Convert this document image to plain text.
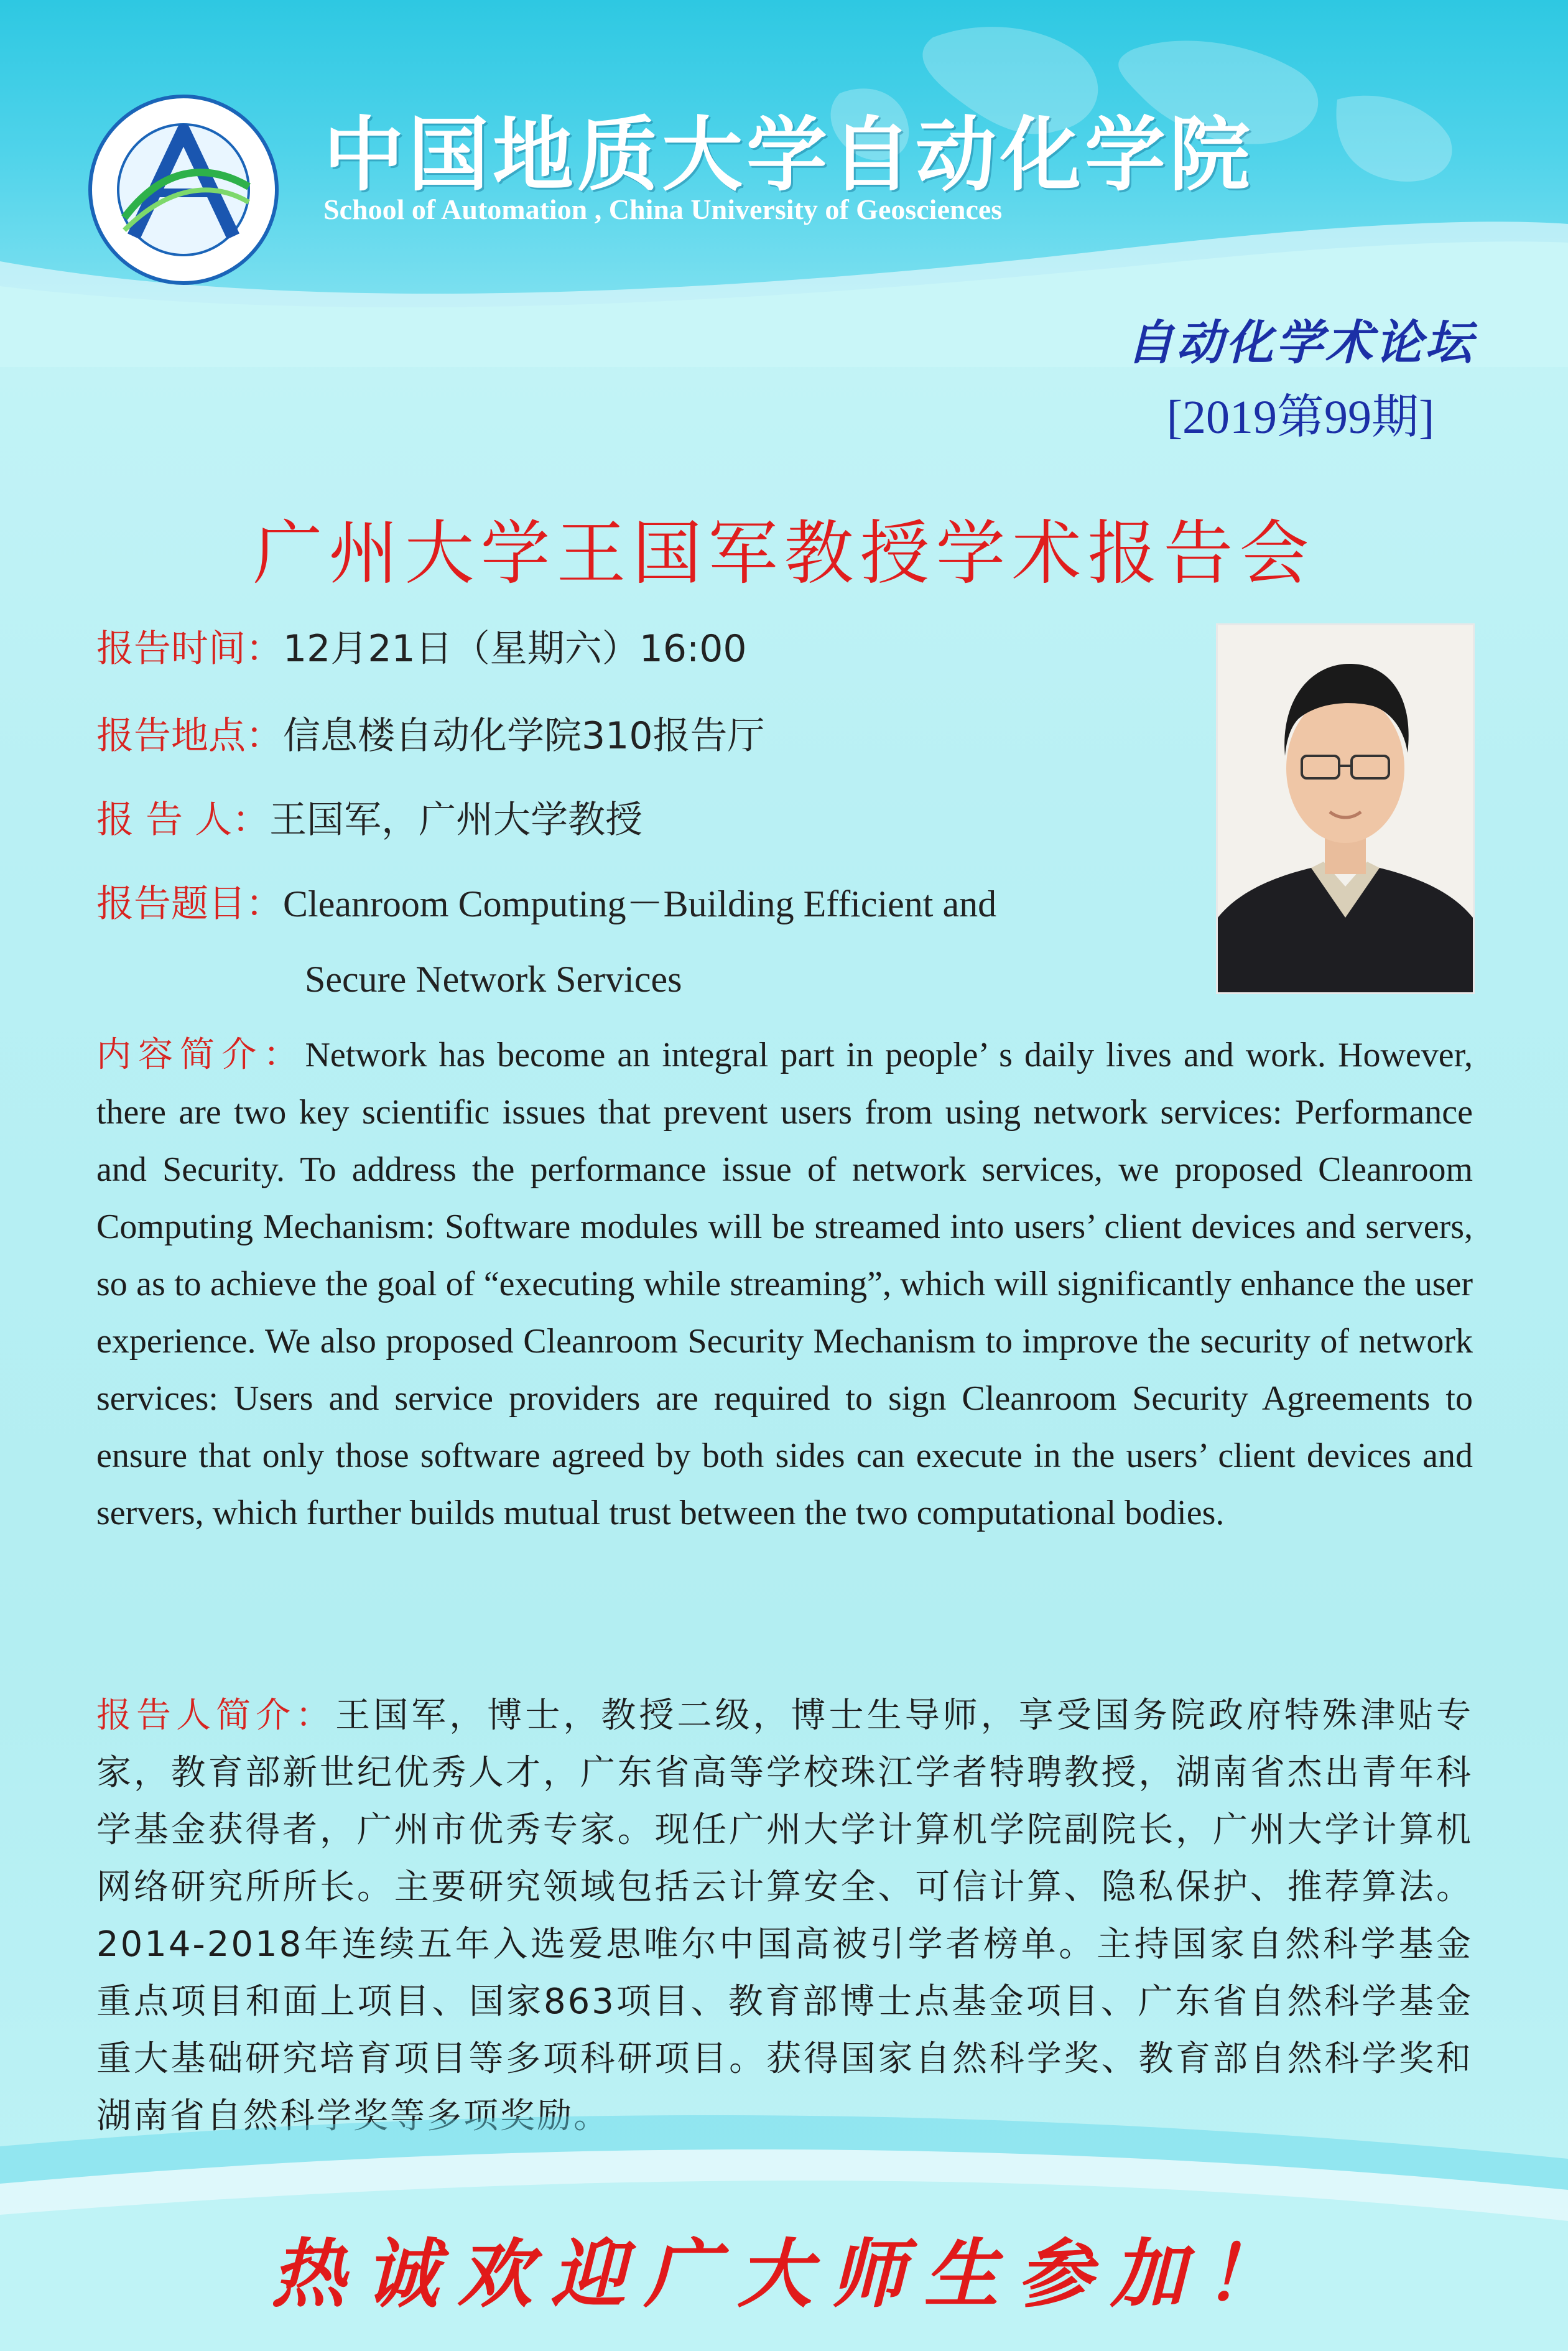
中国地质大学自动化学院
School of Automation , China University of Geosciences
自动化学术论坛
[2019第99期]
广州大学王国军教授学术报告会
报告时间：12月21日（星期六）16:00
报告地点：信息楼自动化学院310报告厅
报 告 人：王国军，广州大学教授
报告题目：Cleanroom Computing－Building Efficient and
Secure Network Services
内容简介：Network has become an integral part in people’ s daily lives and work. However, there are two key scientific issues that prevent users from using network services: Performance and Security. To address the performance issue of network services, we proposed Cleanroom Computing Mechanism: Software modules will be streamed into users’ client devices and servers, so as to achieve the goal of “executing while streaming”, which will significantly enhance the user experience. We also proposed Cleanroom Security Mechanism to improve the security of network services: Users and service providers are required to sign Cleanroom Security Agreements to ensure that only those software agreed by both sides can execute in the users’ client devices and servers, which further builds mutual trust between the two computational bodies.
报告人简介：王国军，博士，教授二级，博士生导师，享受国务院政府特殊津贴专家，教育部新世纪优秀人才，广东省高等学校珠江学者特聘教授，湖南省杰出青年科学基金获得者，广州市优秀专家。现任广州大学计算机学院副院长，广州大学计算机网络研究所所长。主要研究领域包括云计算安全、可信计算、隐私保护、推荐算法。2014-2018年连续五年入选爱思唯尔中国高被引学者榜单。主持国家自然科学基金重点项目和面上项目、国家863项目、教育部博士点基金项目、广东省自然科学基金重大基础研究培育项目等多项科研项目。获得国家自然科学奖、教育部自然科学奖和湖南省自然科学奖等多项奖励。
热诚欢迎广大师生参加！
